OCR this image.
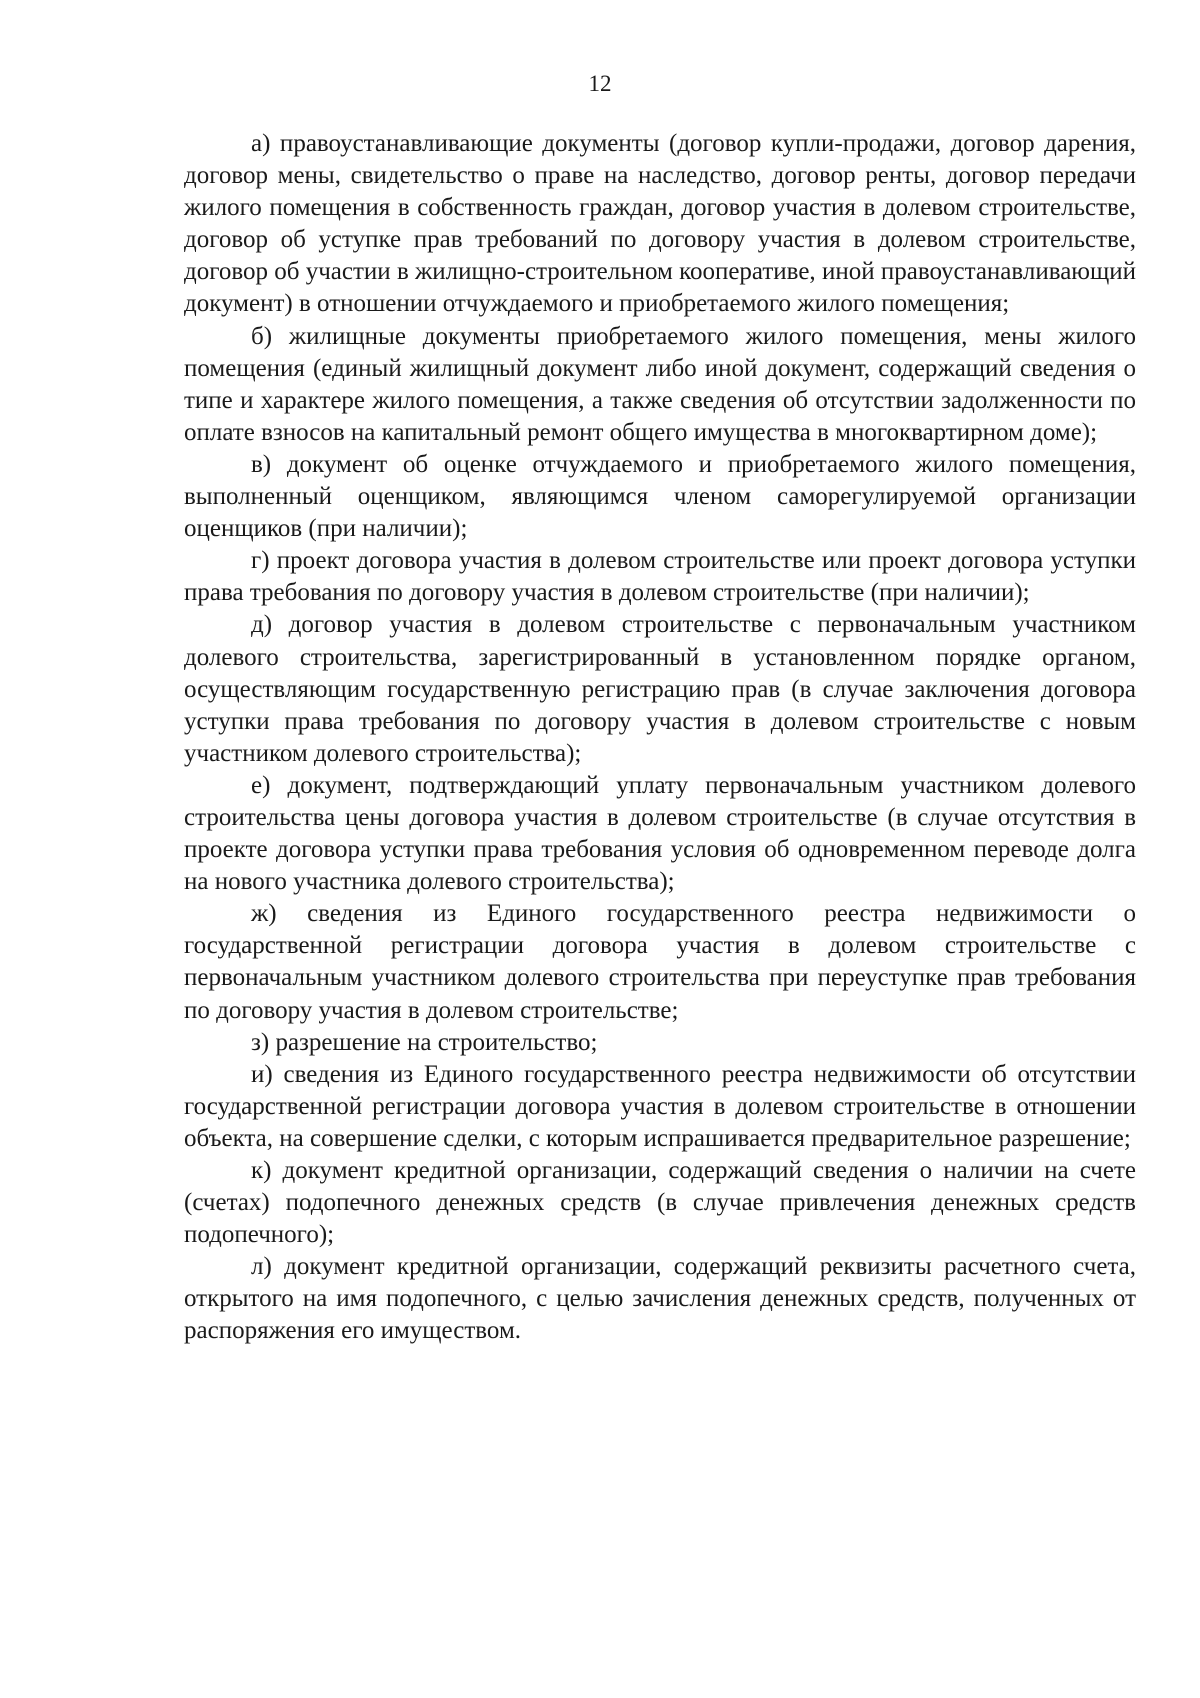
12

а) правоустанавливающие документы (договор купли-продажи, договор дарения, договор мены, свидетельство о праве на наследство, договор ренты, договор передачи жилого помещения в собственность граждан, договор участия в долевом строительстве, договор об уступке прав требований по договору участия в долевом строительстве, договор об участии в жилищно-строительном кооперативе, иной правоустанавливающий документ) в отношении отчуждаемого и приобретаемого жилого помещения;

б) жилищные документы приобретаемого жилого помещения, мены жилого помещения (единый жилищный документ либо иной документ, содержащий сведения о типе и характере жилого помещения, а также сведения об отсутствии задолженности по оплате взносов на капитальный ремонт общего имущества в многоквартирном доме);

в) документ об оценке отчуждаемого и приобретаемого жилого помещения, выполненный оценщиком, являющимся членом саморегулируемой организации оценщиков (при наличии);

г) проект договора участия в долевом строительстве или проект договора уступки права требования по договору участия в долевом строительстве (при наличии);

д) договор участия в долевом строительстве с первоначальным участником долевого строительства, зарегистрированный в установленном порядке органом, осуществляющим государственную регистрацию прав (в случае заключения договора уступки права требования по договору участия в долевом строительстве с новым участником долевого строительства);

е) документ, подтверждающий уплату первоначальным участником долевого строительства цены договора участия в долевом строительстве (в случае отсутствия в проекте договора уступки права требования условия об одновременном переводе долга на нового участника долевого строительства);

ж) сведения из Единого государственного реестра недвижимости о государственной регистрации договора участия в долевом строительстве с первоначальным участником долевого строительства при переуступке прав требования по договору участия в долевом строительстве;

з) разрешение на строительство;

и) сведения из Единого государственного реестра недвижимости об отсутствии государственной регистрации договора участия в долевом строительстве в отношении объекта, на совершение сделки, с которым испрашивается предварительное разрешение;

к) документ кредитной организации, содержащий сведения о наличии на счете (счетах) подопечного денежных средств (в случае привлечения денежных средств подопечного);

л) документ кредитной организации, содержащий реквизиты расчетного счета, открытого на имя подопечного, с целью зачисления денежных средств, полученных от распоряжения его имуществом.
